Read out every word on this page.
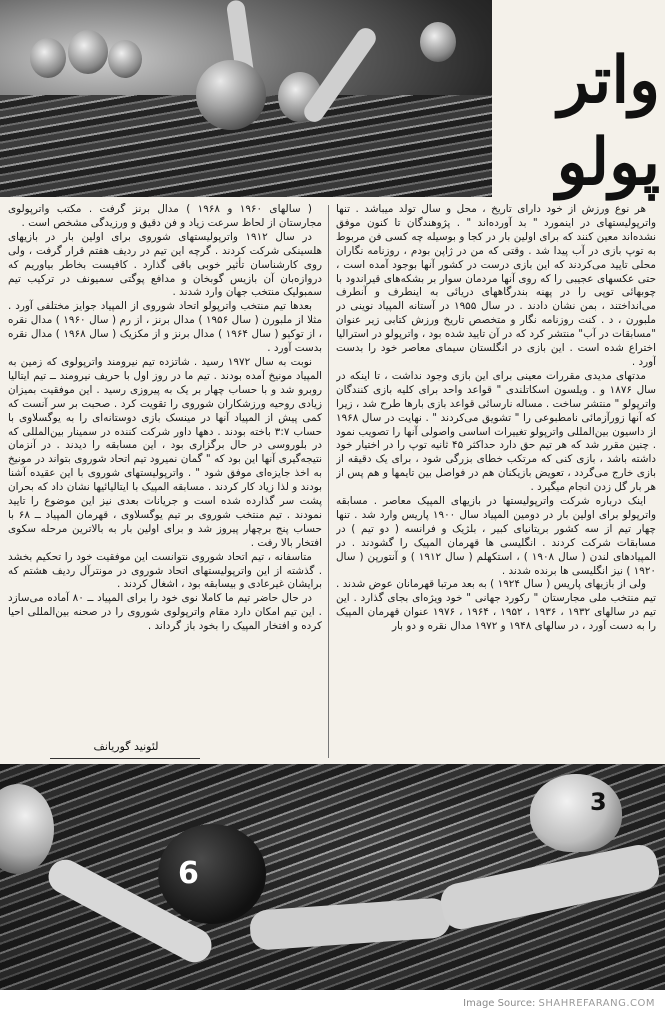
واتر
پولو

هر نوع ورزش از خود دارای تاریخ ، محل و سال تولد میباشد . تنها واترپولیستهای در اینمورد " بد آورده‌اند " . پژوهندگان تا کنون موفق نشده‌اند معین کنند که برای اولین بار در کجا و بوسیله چه کسی فن مربوط به توپ بازی در آب پیدا شد . وقتی که من در ژاپن بودم ، روزنامه نگاران محلی تایید می‌کردند که این بازی درست در کشور آنها بوجود آمده است ، حتی عکسهای عجیبی را که روی آنها مردمان سوار بر بشکه‌های قیراندود با چوبهائی توپی را در پهنه بندرگاههای دریائی به اینطرف و آنطرف می‌انداختند ، بمن نشان دادند . در سال ۱۹۵۵ در آستانه المپیاد نوینی در ملبورن ، د . کنت روزنامه نگار و متخصص تاریخ ورزش کتابی زیر عنوان "مسابقات در آب" منتشر کرد که در آن تایید شده بود ، واترپولو در استرالیا اختراع شده است . این بازی در انگلستان سیمای معاصر خود را بدست آورد .

مدتهای مدیدی مقررات معینی برای این بازی وجود نداشت ، تا اینکه در سال ۱۸۷۶ و . ویلسون اسکاتلندی " قواعد واحد برای کلیه بازی کنندگان واترپولو " منتشر ساخت . مساله نارسائی قواعد بازی بارها طرح شد ، زیرا که آنها زورآزمائی نامطبوعی را " تشویق می‌کردند " . نهایت در سال ۱۹۶۸ از داسیون بین‌المللی واترپولو تغییرات اساسی واصولی آنها را تصویب نمود . چنین مقرر شد که هر تیم حق دارد حداکثر ۴۵ ثانیه توپ را در اختیار خود داشته باشد ، بازی کنی که مرتکب خطای بزرگی شود ، برای یک دقیقه از بازی خارج می‌گردد ، تعویض بازیکنان هم در فواصل بین تایمها و هم پس از هر بار گل زدن انجام میگیرد .

اینک درباره شرکت واترپولیستها در بازیهای المپیک معاصر . مسابقه واترپولو برای اولین بار در دومین المپیاد سال ۱۹۰۰ پاریس وارد شد . تنها چهار تیم از سه کشور بریتانیای کبیر ، بلژیک و فرانسه ( دو تیم ) در مسابقات شرکت کردند . انگلیسی ها قهرمان المپیک را گشودند . در المپیادهای لندن ( سال ۱۹۰۸ ) ، استکهلم ( سال ۱۹۱۲ ) و آنتورپن ( سال ۱۹۲۰ ) نیز انگلیسی ها برنده شدند .

ولی از بازیهای پاریس ( سال ۱۹۲۴ ) به بعد مرتبا قهرمانان عوض شدند . تیم منتخب ملی مجارستان " رکورد جهانی " خود ویژه‌ای بجای گذارد . این تیم در سالهای ۱۹۳۲ ، ۱۹۳۶ ، ۱۹۵۲ ، ۱۹۶۴ ، ۱۹۷۶ عنوان قهرمان المپیک را به دست آورد ، در سالهای ۱۹۴۸ و ۱۹۷۲ مدال نقره و دو بار

( سالهای ۱۹۶۰ و ۱۹۶۸ ) مدال برنز گرفت . مکتب واترپولوی مجارستان از لحاظ سرعت زیاد و فن دقیق و ورزیدگی مشخص است .

در سال ۱۹۱۲ واترپولیستهای شوروی برای اولین بار در بازیهای هلسینکی شرکت کردند . گرچه این تیم در ردیف هفتم قرار گرفت ، ولی روی کارشناسان تأثیر خوبی باقی گذارد . کافیست بخاطر بیاوریم که دروازه‌بان آن بازیس گوبخان و مدافع پوگتی سمیونف در ترکیب تیم سمبولیک منتخب جهان وارد شدند .

بعدها تیم منتخب واترپولو اتحاد شوروی از المپیاد جوایز مختلفی آورد . مثلا از ملبورن ( سال ۱۹۵۶ ) مدال برنز ، از رم ( سال ۱۹۶۰ ) مدال نقره ، از توکیو ( سال ۱۹۶۴ ) مدال برنز و از مکزیک ( سال ۱۹۶۸ ) مدال نقره بدست آورد .

نوبت به سال ۱۹۷۲ رسید . شاتزده تیم نیرومند واترپولوی که زمین به المپیاد مونیخ آمده بودند . تیم ما در روز اول با حریف نیرومند ــ تیم ایتالیا روبرو شد و با حساب چهار بر یک به پیروزی رسید . این موفقیت بمیزان زیادی روحیه ورزشکاران شوروی را تقویت کرد . صحبت بر سر آنست که کمی پیش از المپیاد آنها در مینسک بازی دوستانه‌ای را به یوگسلاوی با حساب ۳:۷ باخته بودند . دهها داور شرکت کننده در سمینار بین‌المللی که در بلوروسی در حال برگزاری بود ، این مسابقه را دیدند . در آنزمان نتیجه‌گیری آنها این بود که " گمان نمیرود تیم اتحاد شوروی بتواند در مونیخ به اخذ جایزه‌ای موفق شود " . واترپولیستهای شوروی با این عقیده آشنا بودند و لذا زیاد کار کردند . مسابقه المپیک با ایتالیائیها نشان داد که بحران پشت سر گذارده شده است و جریانات بعدی نیز این موضوع را تایید نمودند . تیم منتخب شوروی بر تیم یوگسلاوی ، قهرمان المپیاد ــ ۶۸ با حساب پنج برچهار پیروز شد و برای اولین بار به بالاترین مرحله سکوی افتخار بالا رفت .

متاسفانه ، تیم اتحاد شوروی نتوانست این موفقیت خود را تحکیم بخشد . گذشته از این واترپولیستهای اتحاد شوروی در مونترآل ردیف هشتم که برایشان غیرعادی و بیسابقه بود ، اشغال کردند .

در حال حاضر تیم ما کاملا نوی خود را برای المپیاد ــ ۸۰ آماده می‌سازد . این تیم امکان دارد مقام واترپولوی شوروی را در صحنه بین‌المللی احیا کرده و افتخار المپیک را بخود باز گرداند .

لئونید گوریانف
6
3
Image Source: SHAHREFARANG.COM
